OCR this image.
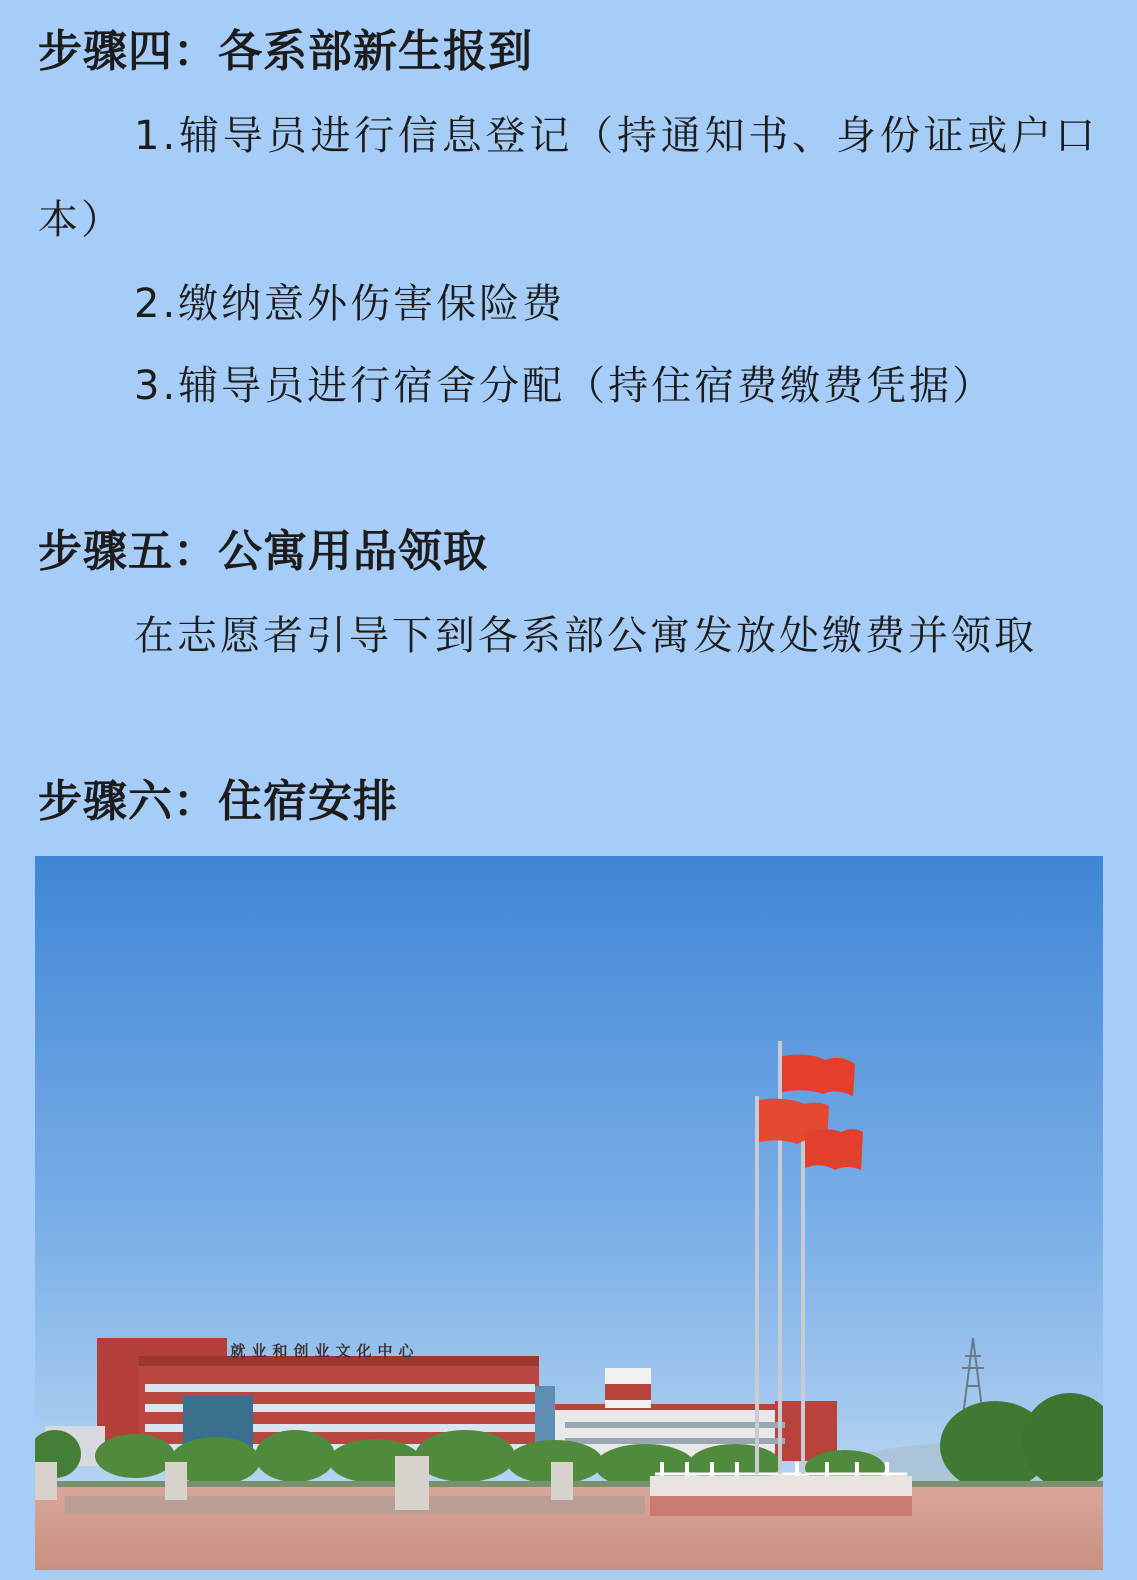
步骤四：各系部新生报到

1.辅导员进行信息登记（持通知书、身份证或户口本）

2.缴纳意外伤害保险费

3.辅导员进行宿舍分配（持住宿费缴费凭据）

步骤五：公寓用品领取

在志愿者引导下到各系部公寓发放处缴费并领取

步骤六：住宿安排
就业和创业文化中心
